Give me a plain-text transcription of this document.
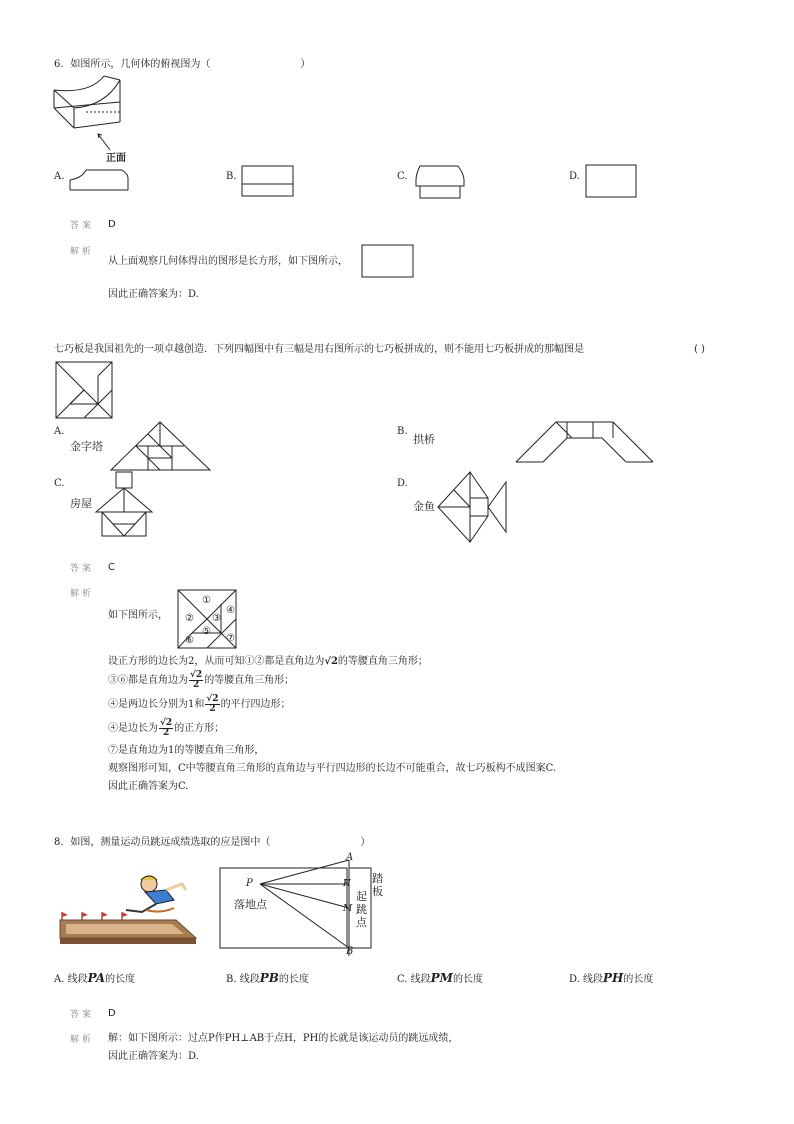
6．如图所示，几何体的俯视图为（　　　　　　　　　）
正面
A.	B.	C.	D.
答案 D
解析
从上面观察几何体得出的图形是长方形，如下图所示，
因此正确答案为：D.
七巧板是我国祖先的一项卓越创造．下列四幅图中有三幅是用右图所示的七巧板拼成的，则不能用七巧板拼成的那幅图是	( )
A.
金字塔
B.
拱桥
C.
房屋
D.
金鱼
答案 C
解析
如下图所示，
①
② ③
④
⑤
⑥	⑦
设正方形的边长为2，从而可知①②都是直角边为√2的等腰直角三角形；
③⑥都是直角边为 $\frac{√2}{2}$ 的等腰直角三角形；
④是两边长分别为1和 $\frac{√2}{2}$ 的平行四边形；
④是边长为 $\frac{√2}{2}$ 的正方形；
⑦是直角边为1的等腰直角三角形，
观察图形可知，C中等腰直角三角形的直角边与平行四边形的长边不可能重合，故七巧板构不成图案C.
因此正确答案为C.
8．如图，测量运动员跳远成绩选取的应是图中（　　　　　　　　　）
A
P	H
M
B
落地点
踏板
起跳点
A. 线段PA的长度	B. 线段PB的长度	C. 线段PM的长度	D. 线段PH的长度
答案 D
解析 解：如下图所示：过点P作PH⊥AB于点H，PH的长就是该运动员的跳远成绩，
因此正确答案为：D.
